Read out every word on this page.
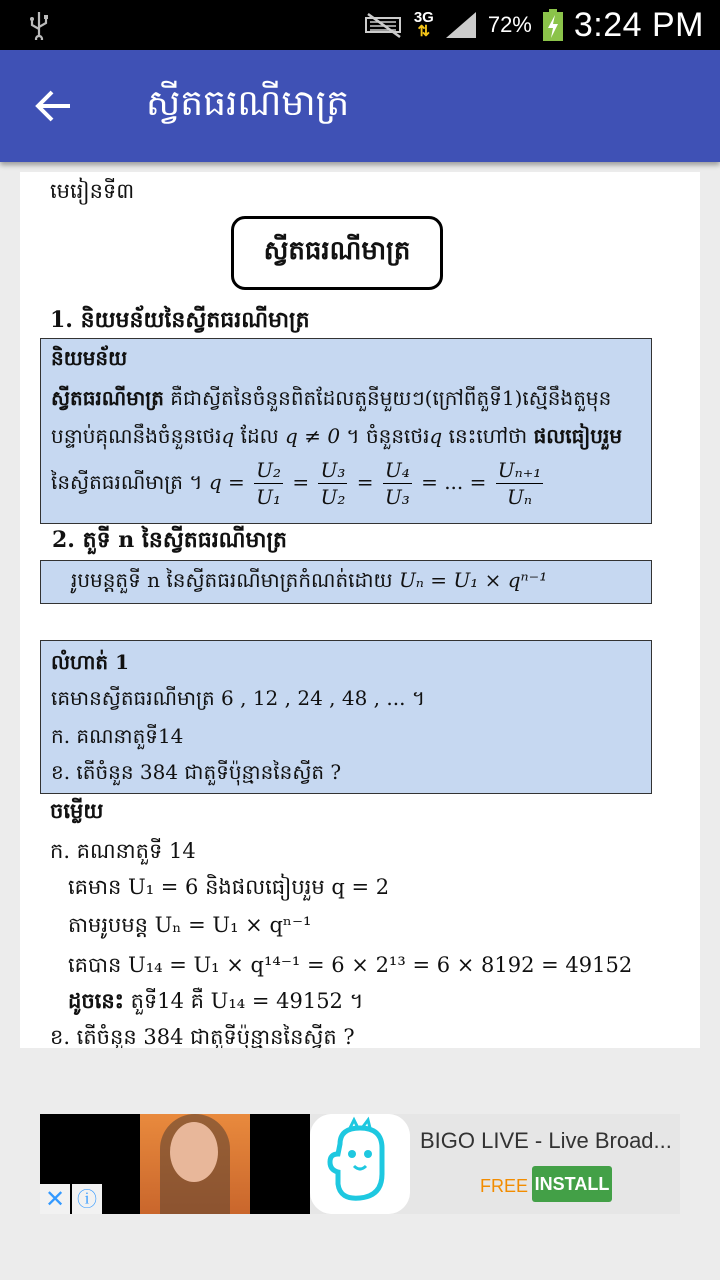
3G
⇅	72% 3:24 PM
ស្វីតធរណីមាត្រ
មេរៀនទី៣
ស្វីតធរណីមាត្រ
1. និយមន័យនៃស្វីតធរណីមាត្រ
និយមន័យ
ស្វីតធរណីមាត្រ គឺជាស្វីតនៃចំនួនពិតដែលតួនីមួយៗ(ក្រៅពីតួទី1)ស្មើនឹងតួមុន
បន្ទាប់គុណនឹងចំនួនថេរq ដែល q ≠ 0 ។ ចំនួនថេរq នេះហៅថា ផលធៀបរួម
នៃស្វីតធរណីមាត្រ ។ $q = \frac{\text{U₂}}{\text{U₁}} = \frac{\text{U₃}}{\text{U₂}} = \frac{\text{U₄}}{\text{U₃}}$ = ... = $\frac{\text{Uₙ₊₁}}{\text{Uₙ}}$
2. តួទី n នៃស្វីតធរណីមាត្រ
រូបមន្តតួទី n នៃស្វីតធរណីមាត្រកំណត់ដោយ Uₙ = U₁ × qⁿ⁻¹
លំហាត់ 1
គេមានស្វីតធរណីមាត្រ 6 , 12 , 24 , 48 , ... ។
ក. គណនាតួទី14
ខ. តើចំនួន 384 ជាតួទីប៉ុន្មាននៃស្វីត ?
ចម្លើយ
ក. គណនាតួទី 14
គេមាន U₁ = 6 និងផលធៀបរួម q = 2
តាមរូបមន្ត Uₙ = U₁ × qⁿ⁻¹
គេបាន U₁₄ = U₁ × q¹⁴⁻¹ = 6 × 2¹³ = 6 × 8192 = 49152
ដូចនេះ តួទី14 គឺ U₁₄ = 49152 ។
ខ. តើចំនួន 384 ជាតួទីប៉ុន្មាននៃស្វីត ?
✕ ⓘ
BIGO LIVE - Live Broad...
FREE INSTALL
